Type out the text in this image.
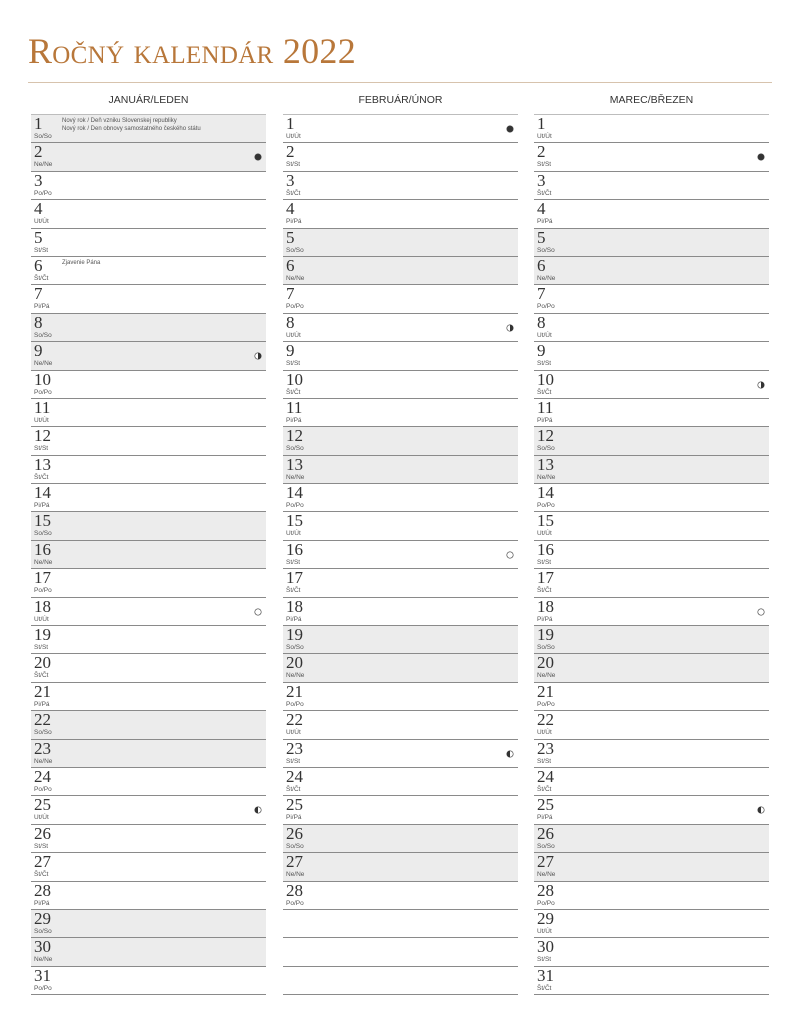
Ročný kalendár 2022
JANUÁR/LEDEN
1
So/So
Nový rok / Deň vzniku Slovenskej republiky
Nový rok / Den obnovy samostatného českého státu
2
Ne/Ne
3
Po/Po
4
Ut/Út
5
St/St
6
Št/Čt
Zjavenie Pána
7
Pi/Pá
8
So/So
9
Ne/Ne
10
Po/Po
11
Ut/Út
12
St/St
13
Št/Čt
14
Pi/Pá
15
So/So
16
Ne/Ne
17
Po/Po
18
Ut/Út
19
St/St
20
Št/Čt
21
Pi/Pá
22
So/So
23
Ne/Ne
24
Po/Po
25
Ut/Út
26
St/St
27
Št/Čt
28
Pi/Pá
29
So/So
30
Ne/Ne
31
Po/Po
FEBRUÁR/ÚNOR
1
Ut/Út
2
St/St
3
Št/Čt
4
Pi/Pá
5
So/So
6
Ne/Ne
7
Po/Po
8
Ut/Út
9
St/St
10
Št/Čt
11
Pi/Pá
12
So/So
13
Ne/Ne
14
Po/Po
15
Ut/Út
16
St/St
17
Št/Čt
18
Pi/Pá
19
So/So
20
Ne/Ne
21
Po/Po
22
Ut/Út
23
St/St
24
Št/Čt
25
Pi/Pá
26
So/So
27
Ne/Ne
28
Po/Po
MAREC/BŘEZEN
1
Ut/Út
2
St/St
3
Št/Čt
4
Pi/Pá
5
So/So
6
Ne/Ne
7
Po/Po
8
Ut/Út
9
St/St
10
Št/Čt
11
Pi/Pá
12
So/So
13
Ne/Ne
14
Po/Po
15
Ut/Út
16
St/St
17
Št/Čt
18
Pi/Pá
19
So/So
20
Ne/Ne
21
Po/Po
22
Ut/Út
23
St/St
24
Št/Čt
25
Pi/Pá
26
So/So
27
Ne/Ne
28
Po/Po
29
Ut/Út
30
St/St
31
Št/Čt
